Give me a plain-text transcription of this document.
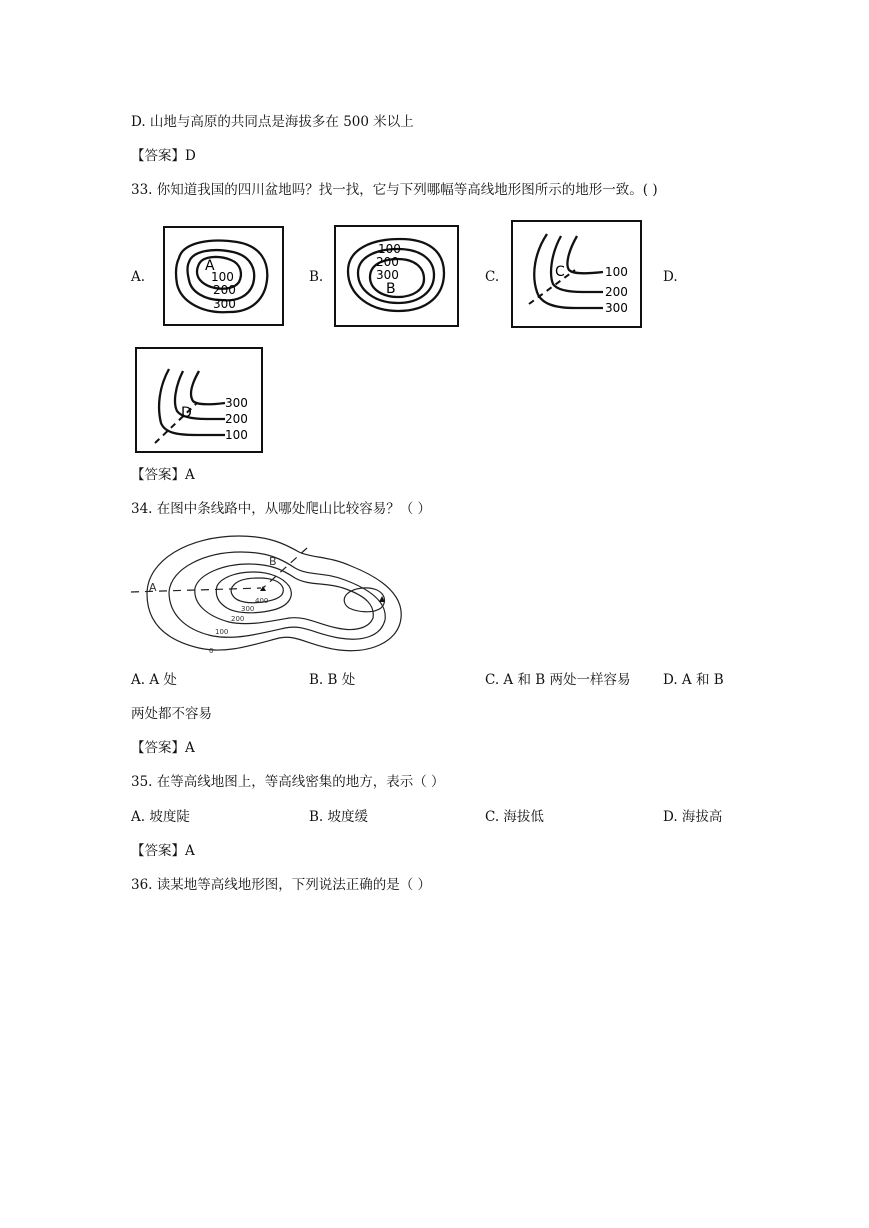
D. 山地与高原的共同点是海拔多在 500 米以上
【答案】D
33. 你知道我国的四川盆地吗？找一找，它与下列哪幅等高线地形图所示的地形一致。( )
A.
A
100
200
300
B.
100
200
300
B
C.	C	100
200
300
D.
D
300
200
100
【答案】A
34. 在图中条线路中，从哪处爬山比较容易？（ ）
A
B
400
300
200
100
0
A. A 处	B. B 处	C. A 和 B 两处一样容易 D. A 和 B
两处都不容易
【答案】A
35. 在等高线地图上，等高线密集的地方，表示（ ）
A. 坡度陡	B. 坡度缓	C. 海拔低	D. 海拔高
【答案】A
36. 读某地等高线地形图，下列说法正确的是（ ）
